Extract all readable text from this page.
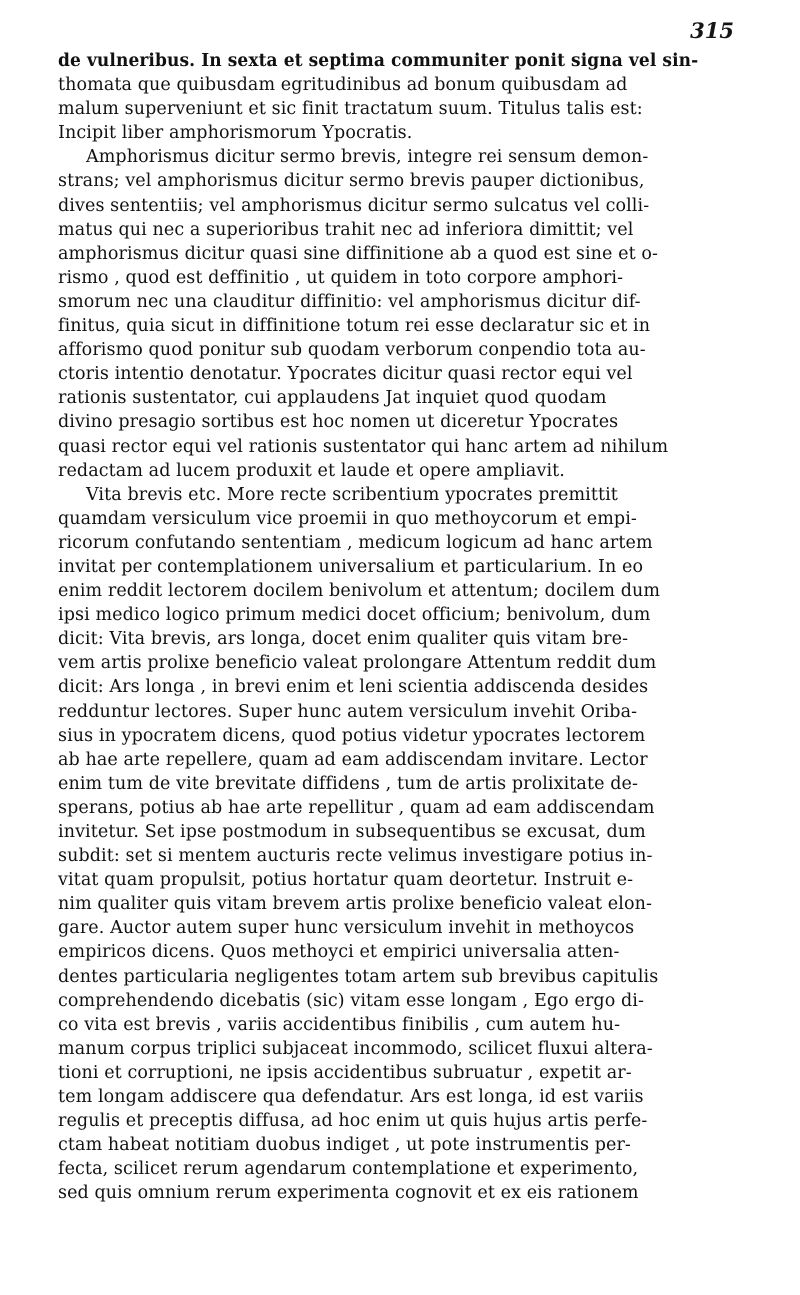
315
de vulneribus. In sexta et septima communiter ponit signa vel sin-
thomata que quibusdam egritudinibus ad bonum quibusdam ad
malum superveniunt et sic finit tractatum suum. Titulus talis est:
Incipit liber amphorismorum Ypocratis.
Amphorismus dicitur sermo brevis, integre rei sensum demon-
strans; vel amphorismus dicitur sermo brevis pauper dictionibus,
dives sententiis; vel amphorismus dicitur sermo sulcatus vel colli-
matus qui nec a superioribus trahit nec ad inferiora dimittit; vel
amphorismus dicitur quasi sine diffinitione ab a quod est sine et o-
rismo , quod est deffinitio , ut quidem in toto corpore amphori-
smorum nec una clauditur diffinitio: vel amphorismus dicitur dif-
finitus, quia sicut in diffinitione totum rei esse declaratur sic et in
afforismo quod ponitur sub quodam verborum conpendio tota au-
ctoris intentio denotatur. Ypocrates dicitur quasi rector equi vel
rationis sustentator, cui applaudens Jat inquiet quod quodam
divino presagio sortibus est hoc nomen ut diceretur Ypocrates
quasi rector equi vel rationis sustentator qui hanc artem ad nihilum
redactam ad lucem produxit et laude et opere ampliavit.
Vita brevis etc. More recte scribentium ypocrates premittit
quamdam versiculum vice proemii in quo methoycorum et empi-
ricorum confutando sententiam , medicum logicum ad hanc artem
invitat per contemplationem universalium et particularium. In eo
enim reddit lectorem docilem benivolum et attentum; docilem dum
ipsi medico logico primum medici docet officium; benivolum, dum
dicit: Vita brevis, ars longa, docet enim qualiter quis vitam bre-
vem artis prolixe beneficio valeat prolongare Attentum reddit dum
dicit: Ars longa , in brevi enim et leni scientia addiscenda desides
redduntur lectores. Super hunc autem versiculum invehit Oriba-
sius in ypocratem dicens, quod potius videtur ypocrates lectorem
ab hae arte repellere, quam ad eam addiscendam invitare. Lector
enim tum de vite brevitate diffidens , tum de artis prolixitate de-
sperans, potius ab hae arte repellitur , quam ad eam addiscendam
invitetur. Set ipse postmodum in subsequentibus se excusat, dum
subdit: set si mentem aucturis recte velimus investigare potius in-
vitat quam propulsit, potius hortatur quam deortetur. Instruit e-
nim qualiter quis vitam brevem artis prolixe beneficio valeat elon-
gare. Auctor autem super hunc versiculum invehit in methoycos
empiricos dicens. Quos methoyci et empirici universalia atten-
dentes particularia negligentes totam artem sub brevibus capitulis
comprehendendo dicebatis (sic) vitam esse longam , Ego ergo di-
co vita est brevis , variis accidentibus finibilis , cum autem hu-
manum corpus triplici subjaceat incommodo, scilicet fluxui altera-
tioni et corruptioni, ne ipsis accidentibus subruatur , expetit ar-
tem longam addiscere qua defendatur. Ars est longa, id est variis
regulis et preceptis diffusa, ad hoc enim ut quis hujus artis perfe-
ctam habeat notitiam duobus indiget , ut pote instrumentis per-
fecta, scilicet rerum agendarum contemplatione et experimento,
sed quis omnium rerum experimenta cognovit et ex eis rationem
